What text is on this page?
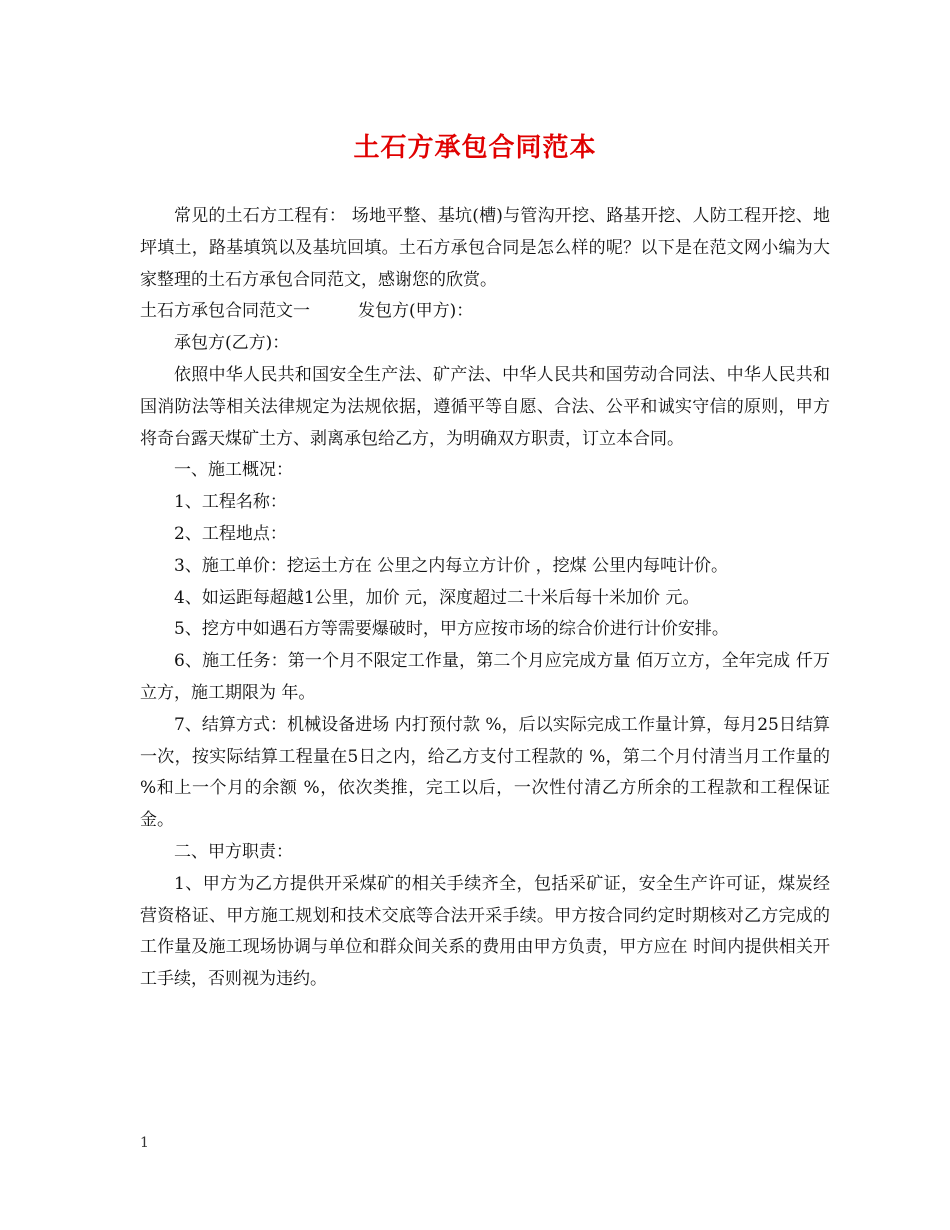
土石方承包合同范本

常见的土石方工程有： 场地平整、基坑(槽)与管沟开挖、路基开挖、人防工程开挖、地坪填土，路基填筑以及基坑回填。土石方承包合同是怎么样的呢？以下是在范文网小编为大家整理的土石方承包合同范文，感谢您的欣赏。

土石方承包合同范文一	发包方(甲方)：

承包方(乙方)：

依照中华人民共和国安全生产法、矿产法、中华人民共和国劳动合同法、中华人民共和国消防法等相关法律规定为法规依据，遵循平等自愿、合法、公平和诚实守信的原则，甲方将奇台露天煤矿土方、剥离承包给乙方，为明确双方职责，订立本合同。

一、施工概况：

1、工程名称：

2、工程地点：

3、施工单价：挖运土方在 公里之内每立方计价 ，挖煤 公里内每吨计价。

4、如运距每超越1公里，加价 元，深度超过二十米后每十米加价 元。

5、挖方中如遇石方等需要爆破时，甲方应按市场的综合价进行计价安排。

6、施工任务：第一个月不限定工作量，第二个月应完成方量 佰万立方，全年完成 仟万立方，施工期限为 年。

7、结算方式：机械设备进场 内打预付款 %，后以实际完成工作量计算，每月25日结算一次，按实际结算工程量在5日之内，给乙方支付工程款的 %，第二个月付清当月工作量的 %和上一个月的余额 %，依次类推，完工以后，一次性付清乙方所余的工程款和工程保证金。

二、甲方职责：

1、甲方为乙方提供开采煤矿的相关手续齐全，包括采矿证，安全生产许可证，煤炭经营资格证、甲方施工规划和技术交底等合法开采手续。甲方按合同约定时期核对乙方完成的工作量及施工现场协调与单位和群众间关系的费用由甲方负责，甲方应在 时间内提供相关开工手续，否则视为违约。

1
